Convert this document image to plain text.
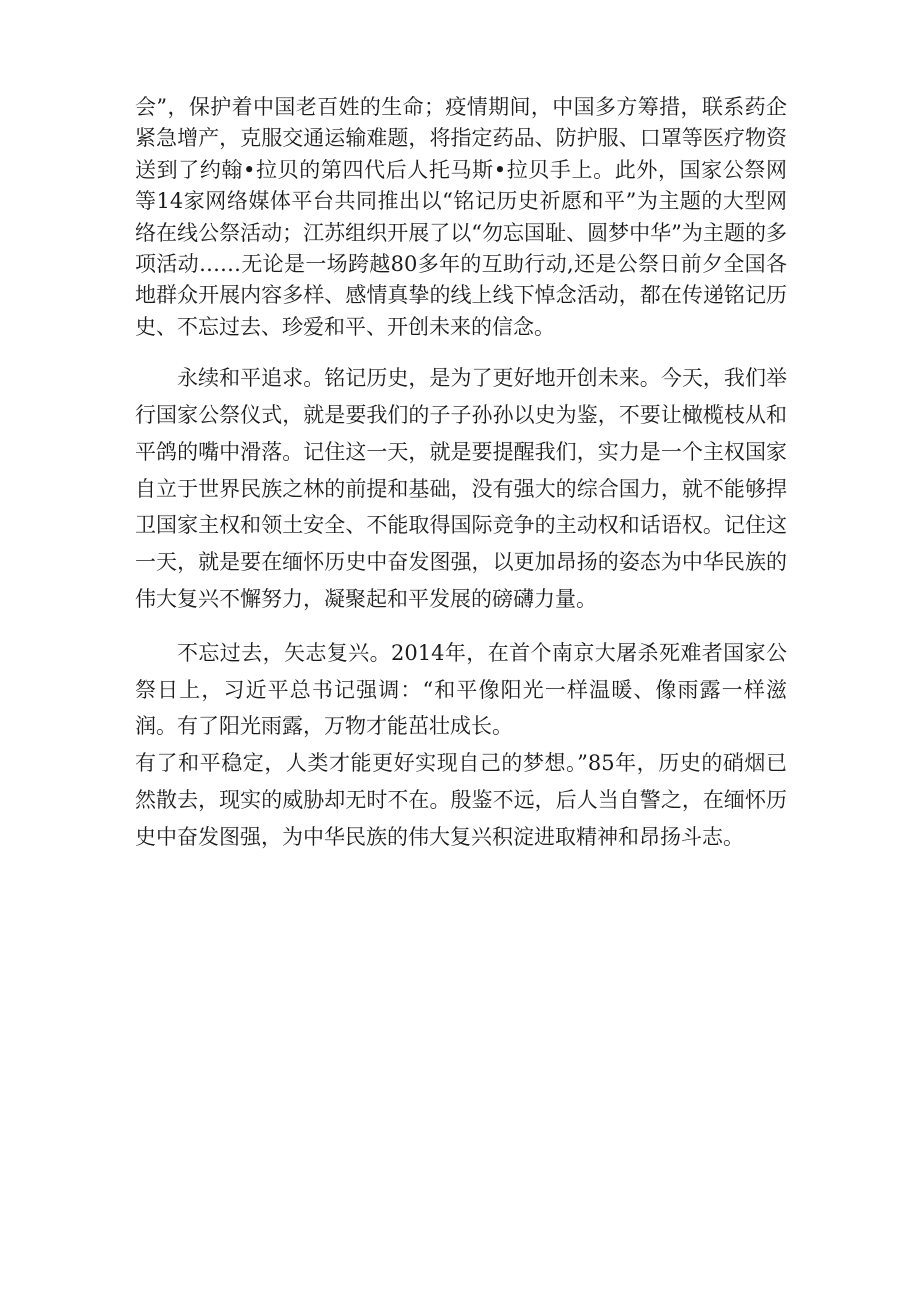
会”，保护着中国老百姓的生命；疫情期间，中国多方筹措，联系药企紧急增产，克服交通运输难题，将指定药品、防护服、口罩等医疗物资送到了约翰•拉贝的第四代后人托马斯•拉贝手上。此外，国家公祭网等14家网络媒体平台共同推出以“铭记历史祈愿和平”为主题的大型网络在线公祭活动；江苏组织开展了以“勿忘国耻、圆梦中华”为主题的多项活动……无论是一场跨越80多年的互助行动,还是公祭日前夕全国各地群众开展内容多样、感情真挚的线上线下悼念活动，都在传递铭记历史、不忘过去、珍爱和平、开创未来的信念。

永续和平追求。铭记历史，是为了更好地开创未来。今天，我们举行国家公祭仪式，就是要我们的子子孙孙以史为鉴，不要让橄榄枝从和平鸽的嘴中滑落。记住这一天，就是要提醒我们，实力是一个主权国家自立于世界民族之林的前提和基础，没有强大的综合国力，就不能够捍卫国家主权和领土安全、不能取得国际竞争的主动权和话语权。记住这一天，就是要在缅怀历史中奋发图强，以更加昂扬的姿态为中华民族的伟大复兴不懈努力，凝聚起和平发展的磅礴力量。

不忘过去，矢志复兴。2014年，在首个南京大屠杀死难者国家公祭日上，习近平总书记强调：“和平像阳光一样温暖、像雨露一样滋润。有了阳光雨露，万物才能茁壮成长。

有了和平稳定，人类才能更好实现自己的梦想。”85年，历史的硝烟已然散去，现实的威胁却无时不在。殷鉴不远，后人当自警之，在缅怀历史中奋发图强，为中华民族的伟大复兴积淀进取精神和昂扬斗志。
